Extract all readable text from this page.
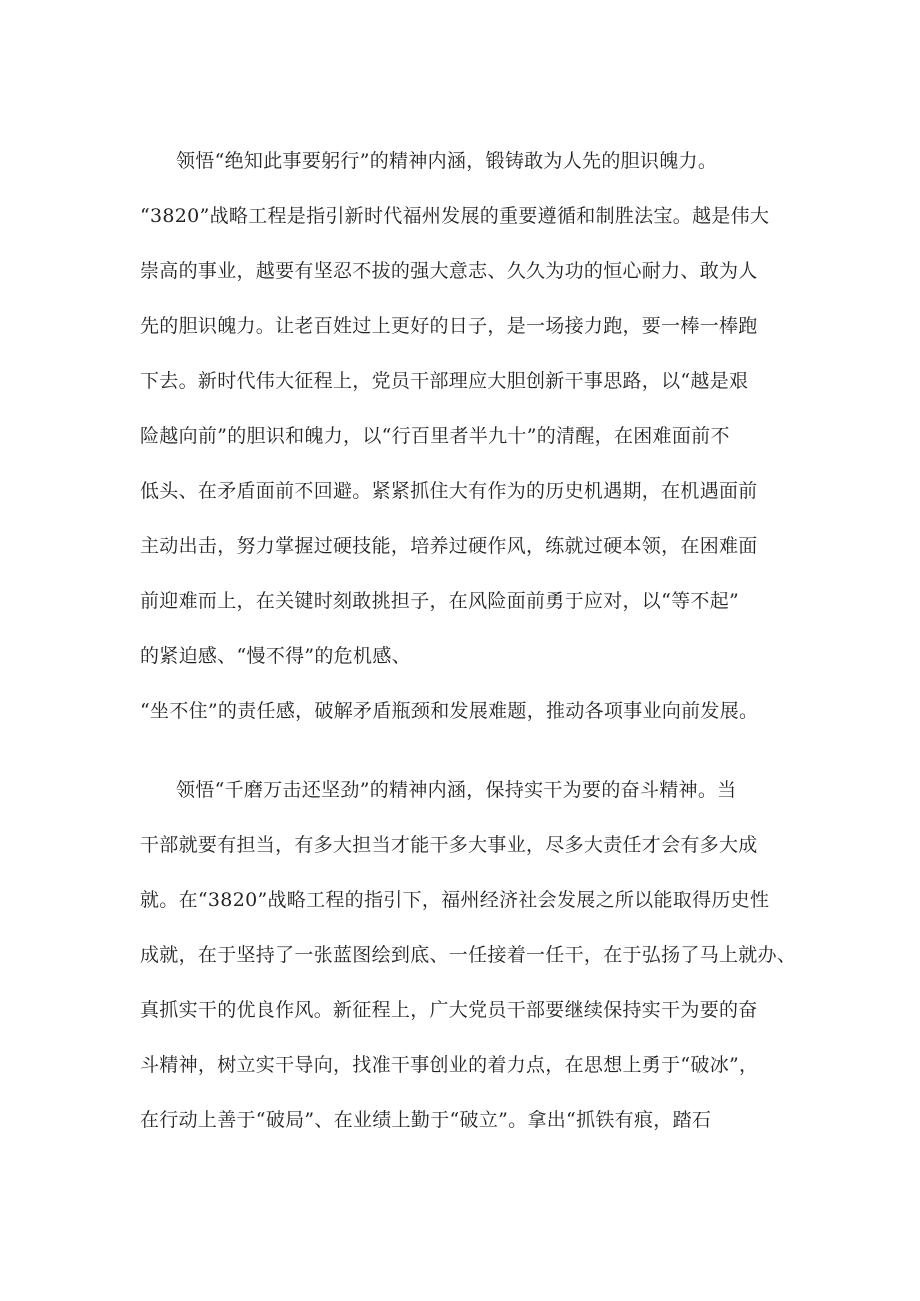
领悟“绝知此事要躬行”的精神内涵，锻铸敢为人先的胆识魄力。
“3820”战略工程是指引新时代福州发展的重要遵循和制胜法宝。越是伟大
崇高的事业，越要有坚忍不拔的强大意志、久久为功的恒心耐力、敢为人
先的胆识魄力。让老百姓过上更好的日子，是一场接力跑，要一棒一棒跑
下去。新时代伟大征程上，党员干部理应大胆创新干事思路，以“越是艰
险越向前”的胆识和魄力，以“行百里者半九十”的清醒，在困难面前不
低头、在矛盾面前不回避。紧紧抓住大有作为的历史机遇期，在机遇面前
主动出击，努力掌握过硬技能，培养过硬作风，练就过硬本领，在困难面
前迎难而上，在关键时刻敢挑担子，在风险面前勇于应对，以“等不起”
的紧迫感、“慢不得”的危机感、
“坐不住”的责任感，破解矛盾瓶颈和发展难题，推动各项事业向前发展。
领悟“千磨万击还坚劲”的精神内涵，保持实干为要的奋斗精神。当
干部就要有担当，有多大担当才能干多大事业，尽多大责任才会有多大成
就。在“3820”战略工程的指引下，福州经济社会发展之所以能取得历史性
成就，在于坚持了一张蓝图绘到底、一任接着一任干，在于弘扬了马上就办、
真抓实干的优良作风。新征程上，广大党员干部要继续保持实干为要的奋
斗精神，树立实干导向，找准干事创业的着力点，在思想上勇于“破冰”，
在行动上善于“破局”、在业绩上勤于“破立”。拿出“抓铁有痕，踏石
